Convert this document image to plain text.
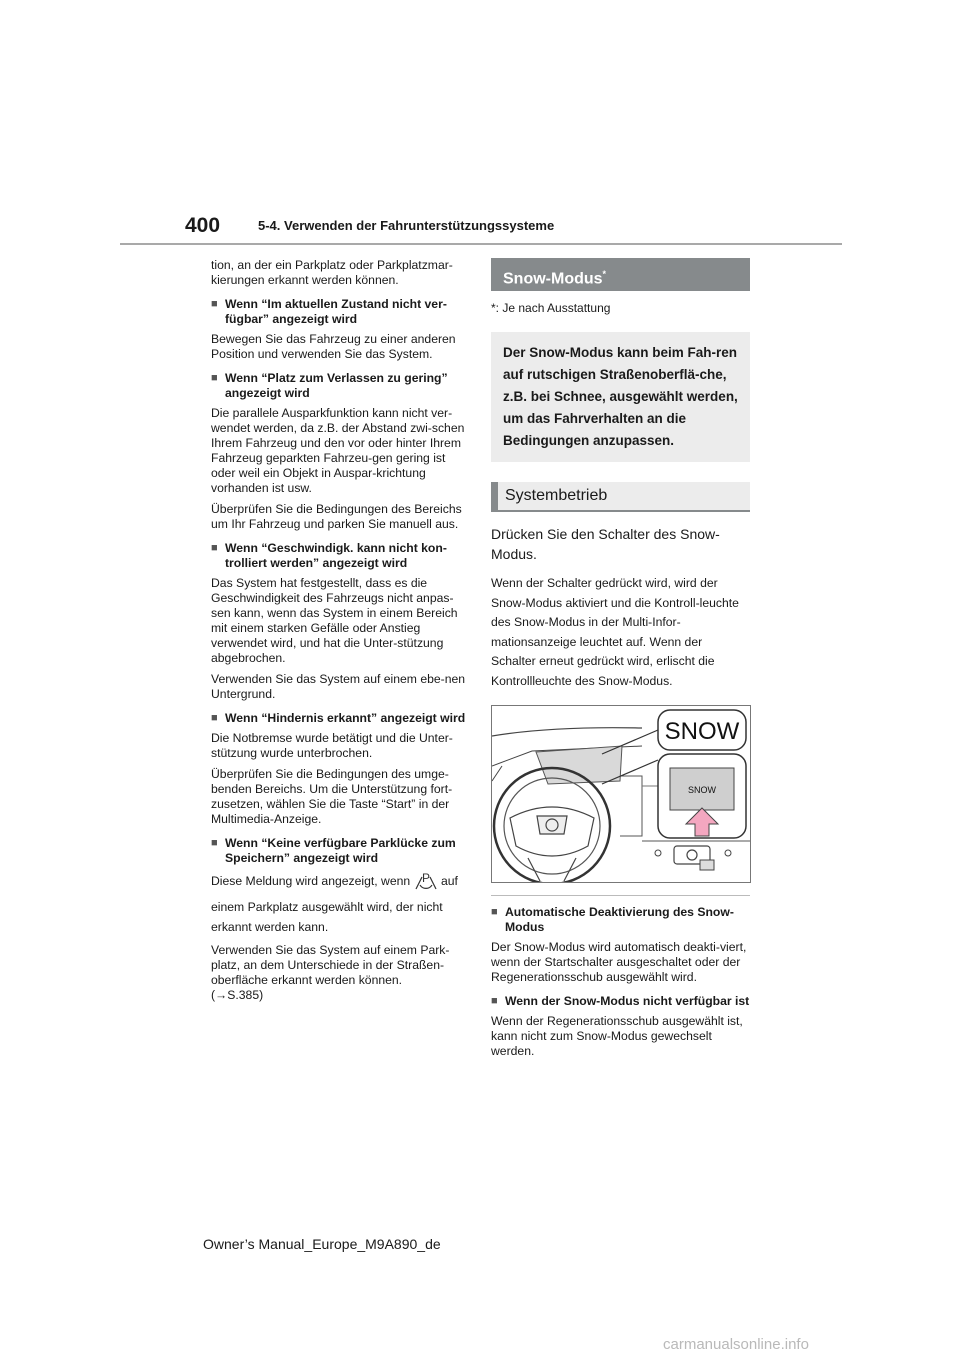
400	5-4. Verwenden der Fahrunterstützungssysteme

tion, an der ein Parkplatz oder Parkplatzmar-kierungen erkannt werden können.

■ Wenn “Im aktuellen Zustand nicht ver-fügbar” angezeigt wird

Bewegen Sie das Fahrzeug zu einer anderen Position und verwenden Sie das System.

■ Wenn “Platz zum Verlassen zu gering” angezeigt wird

Die parallele Ausparkfunktion kann nicht ver-wendet werden, da z.B. der Abstand zwi-schen Ihrem Fahrzeug und den vor oder hinter Ihrem Fahrzeug geparkten Fahrzeu-gen gering ist oder weil ein Objekt in Auspar-krichtung vorhanden ist usw.

Überprüfen Sie die Bedingungen des Bereichs um Ihr Fahrzeug und parken Sie manuell aus.

■ Wenn “Geschwindigk. kann nicht kon-trolliert werden” angezeigt wird

Das System hat festgestellt, dass es die Geschwindigkeit des Fahrzeugs nicht anpas-sen kann, wenn das System in einem Bereich mit einem starken Gefälle oder Anstieg verwendet wird, und hat die Unter-stützung abgebrochen.

Verwenden Sie das System auf einem ebe-nen Untergrund.

■ Wenn “Hindernis erkannt” angezeigt wird

Die Notbremse wurde betätigt und die Unter-stützung wurde unterbrochen.

Überprüfen Sie die Bedingungen des umge-benden Bereichs. Um die Unterstützung fort-zusetzen, wählen Sie die Taste “Start” in der Multimedia-Anzeige.

■ Wenn “Keine verfügbare Parklücke zum Speichern” angezeigt wird

Diese Meldung wird angezeigt, wenn P auf einem Parkplatz ausgewählt wird, der nicht erkannt werden kann.

Verwenden Sie das System auf einem Park-platz, an dem Unterschiede in der Straßen-oberfläche erkannt werden können.

(→S.385)

Snow-Modus*
*: Je nach Ausstattung
Der Snow-Modus kann beim Fah-ren auf rutschigen Straßenoberflä-che, z.B. bei Schnee, ausgewählt werden, um das Fahrverhalten an die Bedingungen anzupassen.
Systembetrieb
Drücken Sie den Schalter des Snow-Modus.
Wenn der Schalter gedrückt wird, wird der Snow-Modus aktiviert und die Kontroll-leuchte des Snow-Modus in der Multi-Infor-mationsanzeige leuchtet auf. Wenn der Schalter erneut gedrückt wird, erlischt die Kontrollleuchte des Snow-Modus.
SNOW
SNOW
■ Automatische Deaktivierung des Snow-Modus

Der Snow-Modus wird automatisch deakti-viert, wenn der Startschalter ausgeschaltet oder der Regenerationsschub ausgewählt wird.

■ Wenn der Snow-Modus nicht verfügbar ist

Wenn der Regenerationsschub ausgewählt ist, kann nicht zum Snow-Modus gewechselt werden.

Owner’s Manual_Europe_M9A890_de
carmanualsonline.info
